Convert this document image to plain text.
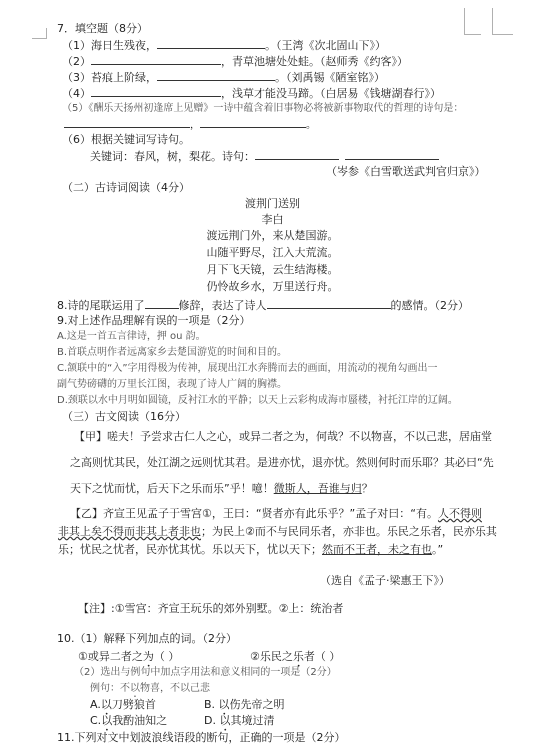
7．填空题（8分）
（1）海日生残夜，	。（王湾《次北固山下》）
（2）	，青草池塘处处蛙。（赵师秀《约客》）
（3）苔痕上阶绿，	。（刘禹锡《陋室铭》）
（4）	，浅草才能没马蹄。（白居易《钱塘湖春行》）
（5）《酬乐天扬州初逢席上见赠》一诗中蕴含着旧事物必将被新事物取代的哲理的诗句是：
，	。
（6）根据关键词写诗句。
关键词：春风，树，梨花。诗句：
（岑参《白雪歌送武判官归京》）
（二）古诗词阅读（4分）
渡荆门送别
李白
渡远荆门外，来从楚国游。
山随平野尽，江入大荒流。
月下飞天镜，云生结海楼。
仍怜故乡水，万里送行舟。
8.诗的尾联运用了	修辞，表达了诗人	的感情。（2分）
9.对上述作品理解有误的一项是（2分）
A.这是一首五言律诗，押 ou 韵。
B.首联点明作者远离家乡去楚国游览的时间和目的。
C.颔联中的“入”字用得极为传神，展现出江水奔腾而去的画面，用流动的视角勾画出一
副气势磅礴的万里长江图，表现了诗人广阔的胸襟。
D.颈联以水中月明如圆镜，反衬江水的平静；以天上云彩构成海市蜃楼，衬托江岸的辽阔。
（三）古文阅读（16分）
【甲】嗟夫！予尝求古仁人之心，或异二者之为，何哉？不以物喜，不以己悲，居庙堂
之高则忧其民，处江湖之远则忧其君。是进亦忧，退亦忧。然则何时而乐耶？其必曰“先
天下之忧而忧，后天下之乐而乐”乎！噫！微斯人，吾谁与归？
【乙】齐宣王见孟子于雪宫①，王曰：“贤者亦有此乐乎？”孟子对曰：“有。人不得则
非其上矣不得而非其上者非也；为民上②而不与民同乐者，亦非也。乐民之乐者，民亦乐其
乐；忧民之忧者，民亦忧其忧。乐以天下，忧以天下；然而不王者，未之有也。”
（选自《孟子·梁惠王下》）
【注】:①雪宫：齐宣王玩乐的郊外别墅。②上：统治者
10.（1）解释下列加点的词。（2分）
①或异二者之为（ ）	②乐民之乐者（ ）
（2）选出与例句中加点字用法和意义相同的一项是（2分）
例句：不以物喜，不以己悲
A.以刀劈狼首	B. 以伤先帝之明
C.以我酌油知之	D. 以其境过清
11.下列对文中划波浪线语段的断句，正确的一项是（2分）
